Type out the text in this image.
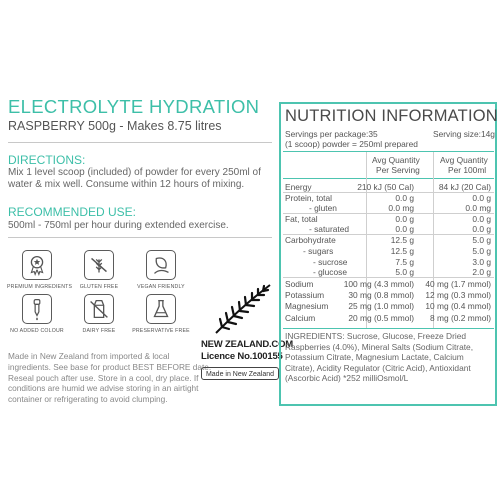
ELECTROLYTE HYDRATION
RASPBERRY 500g - Makes 8.75 litres
DIRECTIONS:
Mix 1 level scoop (included) of powder for every 250ml of water & mix well. Consume within 12 hours of mixing.
RECOMMENDED USE:
500ml - 750ml per hour during extended exercise.
PREMIUM INGREDIENTS	GLUTEN FREE	VEGAN FRIENDLY
NO ADDED COLOUR	DAIRY FREE	PRESERVATIVE FREE
Made in New Zealand from imported & local ingredients. See base for product BEST BEFORE date. Reseal pouch after use. Store in a cool, dry place. If conditions are humid we advise storing in an airtight container or refrigerating to avoid clumping.
NEW ZEALAND.COM
Licence No.100155
Made in New Zealand
NUTRITION INFORMATION
Servings per package:35	Serving size:14g
(1 scoop) powder = 250ml prepared
Avg Quantity
Per Serving
Avg Quantity
Per 100ml
Energy	210 kJ (50 Cal)	84 kJ (20 Cal)
Protein, total	0.0 g	0.0 g
- gluten	0.0 mg	0.0 mg
Fat, total	0.0 g	0.0 g
- saturated	0.0 g	0.0 g
Carbohydrate	12.5 g	5.0 g
- sugars	12.5 g	5.0 g
- sucrose	7.5 g	3.0 g
- glucose	5.0 g	2.0 g
Sodium	100 mg (4.3 mmol) 40 mg (1.7 mmol)
Potassium	30 mg (0.8 mmol) 12 mg (0.3 mmol)
Magnesium 25 mg (1.0 mmol) 10 mg (0.4 mmol)
Calcium	20 mg (0.5 mmol) 8 mg (0.2 mmol)
INGREDIENTS: Sucrose, Glucose, Freeze Dried Raspberries (4.0%), Mineral Salts (Sodium Citrate, Potassium Citrate, Magnesium Lactate, Calcium Citrate), Acidity Regulator (Citric Acid), Antioxidant (Ascorbic Acid) *252 milliOsmol/L
